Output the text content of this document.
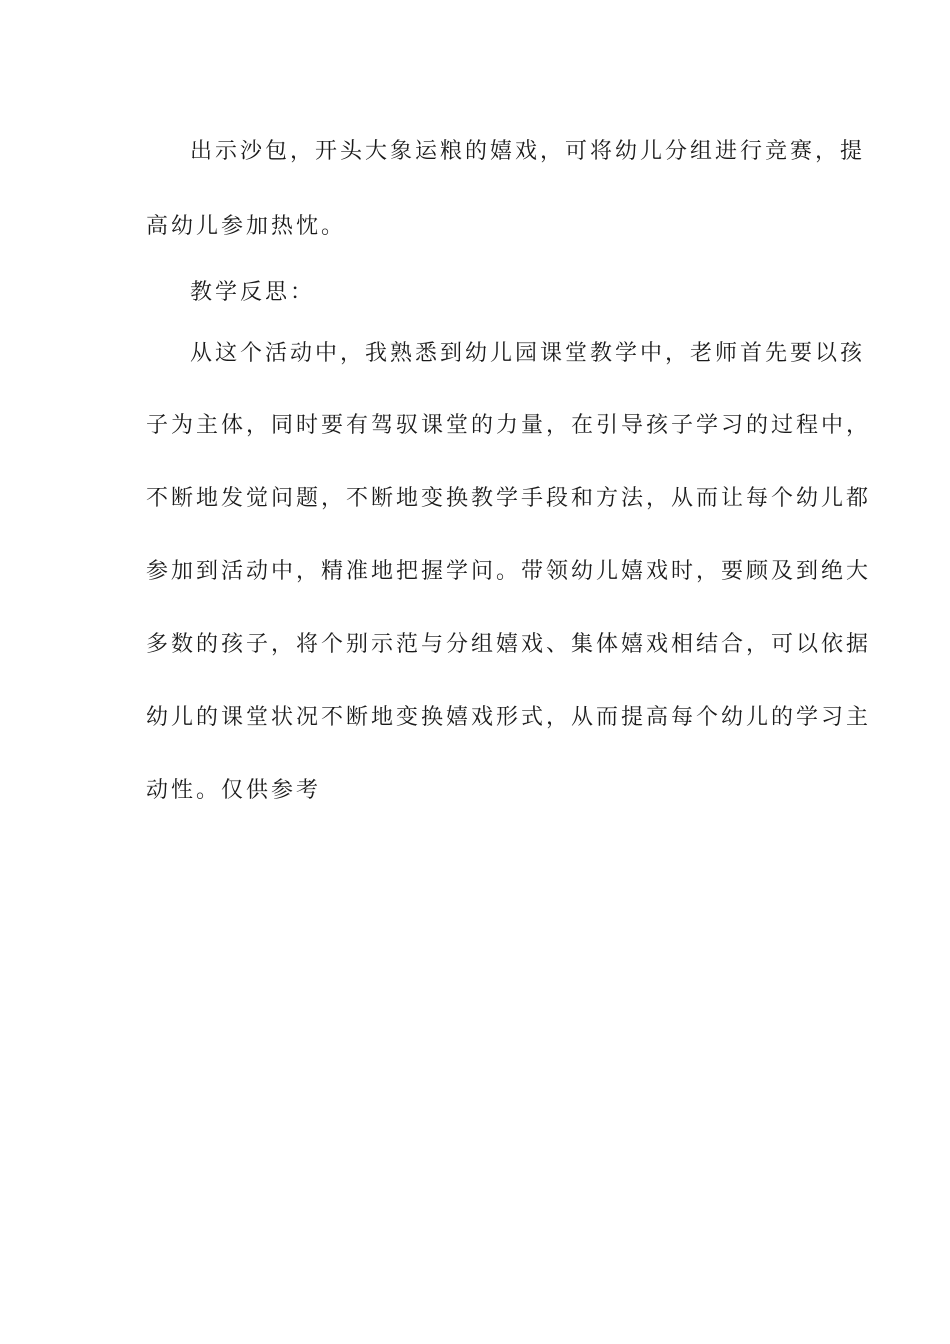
出示沙包，开头大象运粮的嬉戏，可将幼儿分组进行竞赛，提
高幼儿参加热忱。
教学反思：
从这个活动中，我熟悉到幼儿园课堂教学中，老师首先要以孩
子为主体，同时要有驾驭课堂的力量，在引导孩子学习的过程中，
不断地发觉问题，不断地变换教学手段和方法，从而让每个幼儿都
参加到活动中，精准地把握学问。带领幼儿嬉戏时，要顾及到绝大
多数的孩子，将个别示范与分组嬉戏、集体嬉戏相结合，可以依据
幼儿的课堂状况不断地变换嬉戏形式，从而提高每个幼儿的学习主
动性。仅供参考
